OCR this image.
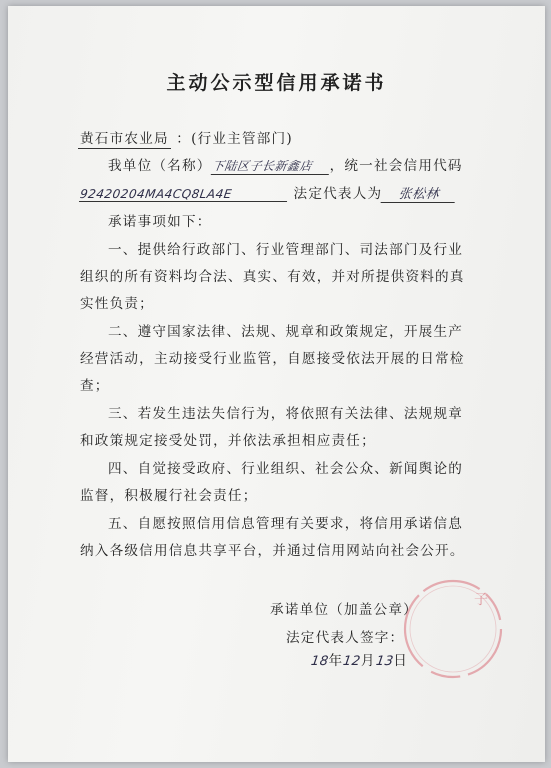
主动公示型信用承诺书
黄石市农业局 ：(行业主管部门)
我单位（名称）下陆区子长新鑫店 ，统一社会信用代码
92420204MA4CQ8LA4E	法定代表人为 张松林
承诺事项如下：
一、提供给行政部门、行业管理部门、司法部门及行业
组织的所有资料均合法、真实、有效，并对所提供资料的真
实性负责；
二、遵守国家法律、法规、规章和政策规定，开展生产
经营活动，主动接受行业监管，自愿接受依法开展的日常检
查；
三、若发生违法失信行为，将依照有关法律、法规规章
和政策规定接受处罚，并依法承担相应责任；
四、自觉接受政府、行业组织、社会公众、新闻舆论的
监督，积极履行社会责任；
五、自愿按照信用信息管理有关要求，将信用承诺信息
纳入各级信用信息共享平台，并通过信用网站向社会公开。
承诺单位（加盖公章）
法定代表人签字：
18年12月13日
子
